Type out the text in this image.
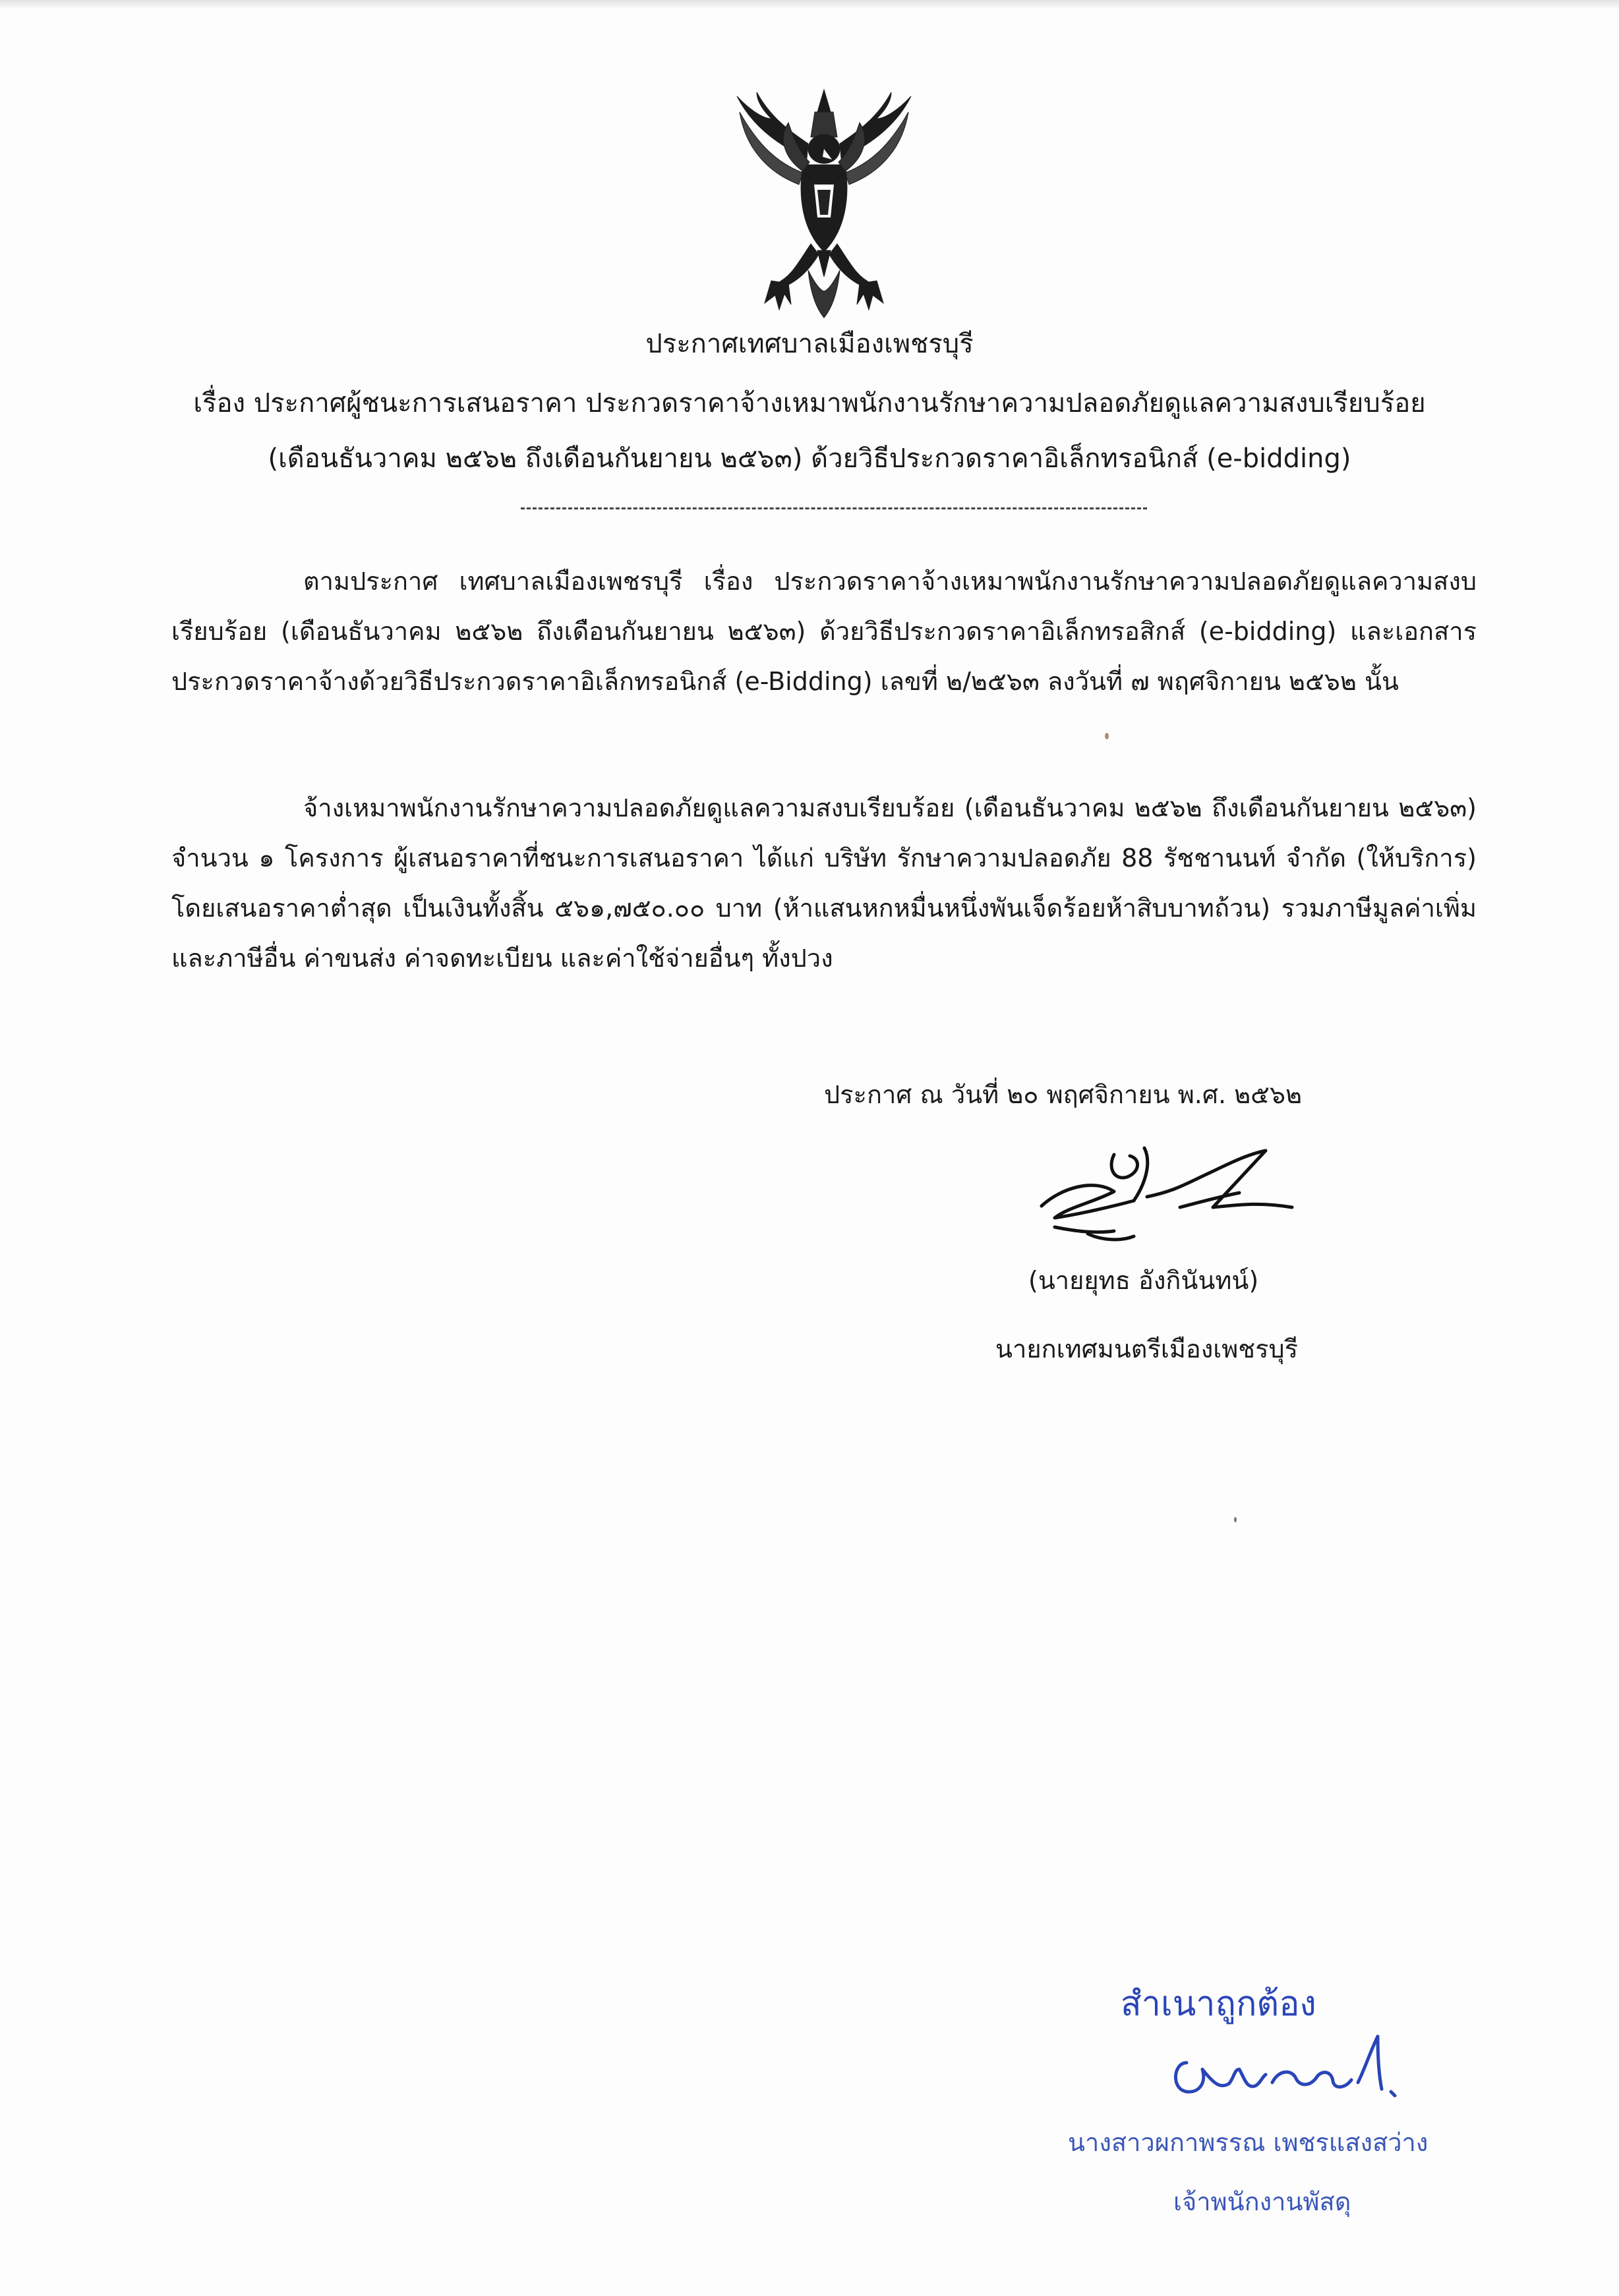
ประกาศเทศบาลเมืองเพชรบุรี
เรื่อง ประกาศผู้ชนะการเสนอราคา ประกวดราคาจ้างเหมาพนักงานรักษาความปลอดภัยดูแลความสงบเรียบร้อย
(เดือนธันวาคม ๒๕๖๒ ถึงเดือนกันยายน ๒๕๖๓) ด้วยวิธีประกวดราคาอิเล็กทรอนิกส์ (e-bidding)
ตามประกาศ เทศบาลเมืองเพชรบุรี เรื่อง ประกวดราคาจ้างเหมาพนักงานรักษาความปลอดภัยดูแลความสงบเรียบร้อย (เดือนธันวาคม ๒๕๖๒ ถึงเดือนกันยายน ๒๕๖๓) ด้วยวิธีประกวดราคาอิเล็กทรอสิกส์ (e-bidding) และเอกสารประกวดราคาจ้างด้วยวิธีประกวดราคาอิเล็กทรอนิกส์ (e-Bidding) เลขที่ ๒/๒๕๖๓ ลงวันที่ ๗ พฤศจิกายน ๒๕๖๒ นั้น
จ้างเหมาพนักงานรักษาความปลอดภัยดูแลความสงบเรียบร้อย (เดือนธันวาคม ๒๕๖๒ ถึงเดือนกันยายน ๒๕๖๓) จำนวน ๑ โครงการ ผู้เสนอราคาที่ชนะการเสนอราคา ได้แก่ บริษัท รักษาความปลอดภัย 88 รัชชานนท์ จำกัด (ให้บริการ) โดยเสนอราคาต่ำสุด เป็นเงินทั้งสิ้น ๕๖๑,๗๕๐.๐๐ บาท (ห้าแสนหกหมื่นหนึ่งพันเจ็ดร้อยห้าสิบบาทถ้วน) รวมภาษีมูลค่าเพิ่มและภาษีอื่น ค่าขนส่ง ค่าจดทะเบียน และค่าใช้จ่ายอื่นๆ ทั้งปวง
ประกาศ ณ วันที่ ๒๐ พฤศจิกายน พ.ศ. ๒๕๖๒
(นายยุทธ อังกินันทน์)
นายกเทศมนตรีเมืองเพชรบุรี
สำเนาถูกต้อง
นางสาวผกาพรรณ เพชรแสงสว่าง
เจ้าพนักงานพัสดุ
